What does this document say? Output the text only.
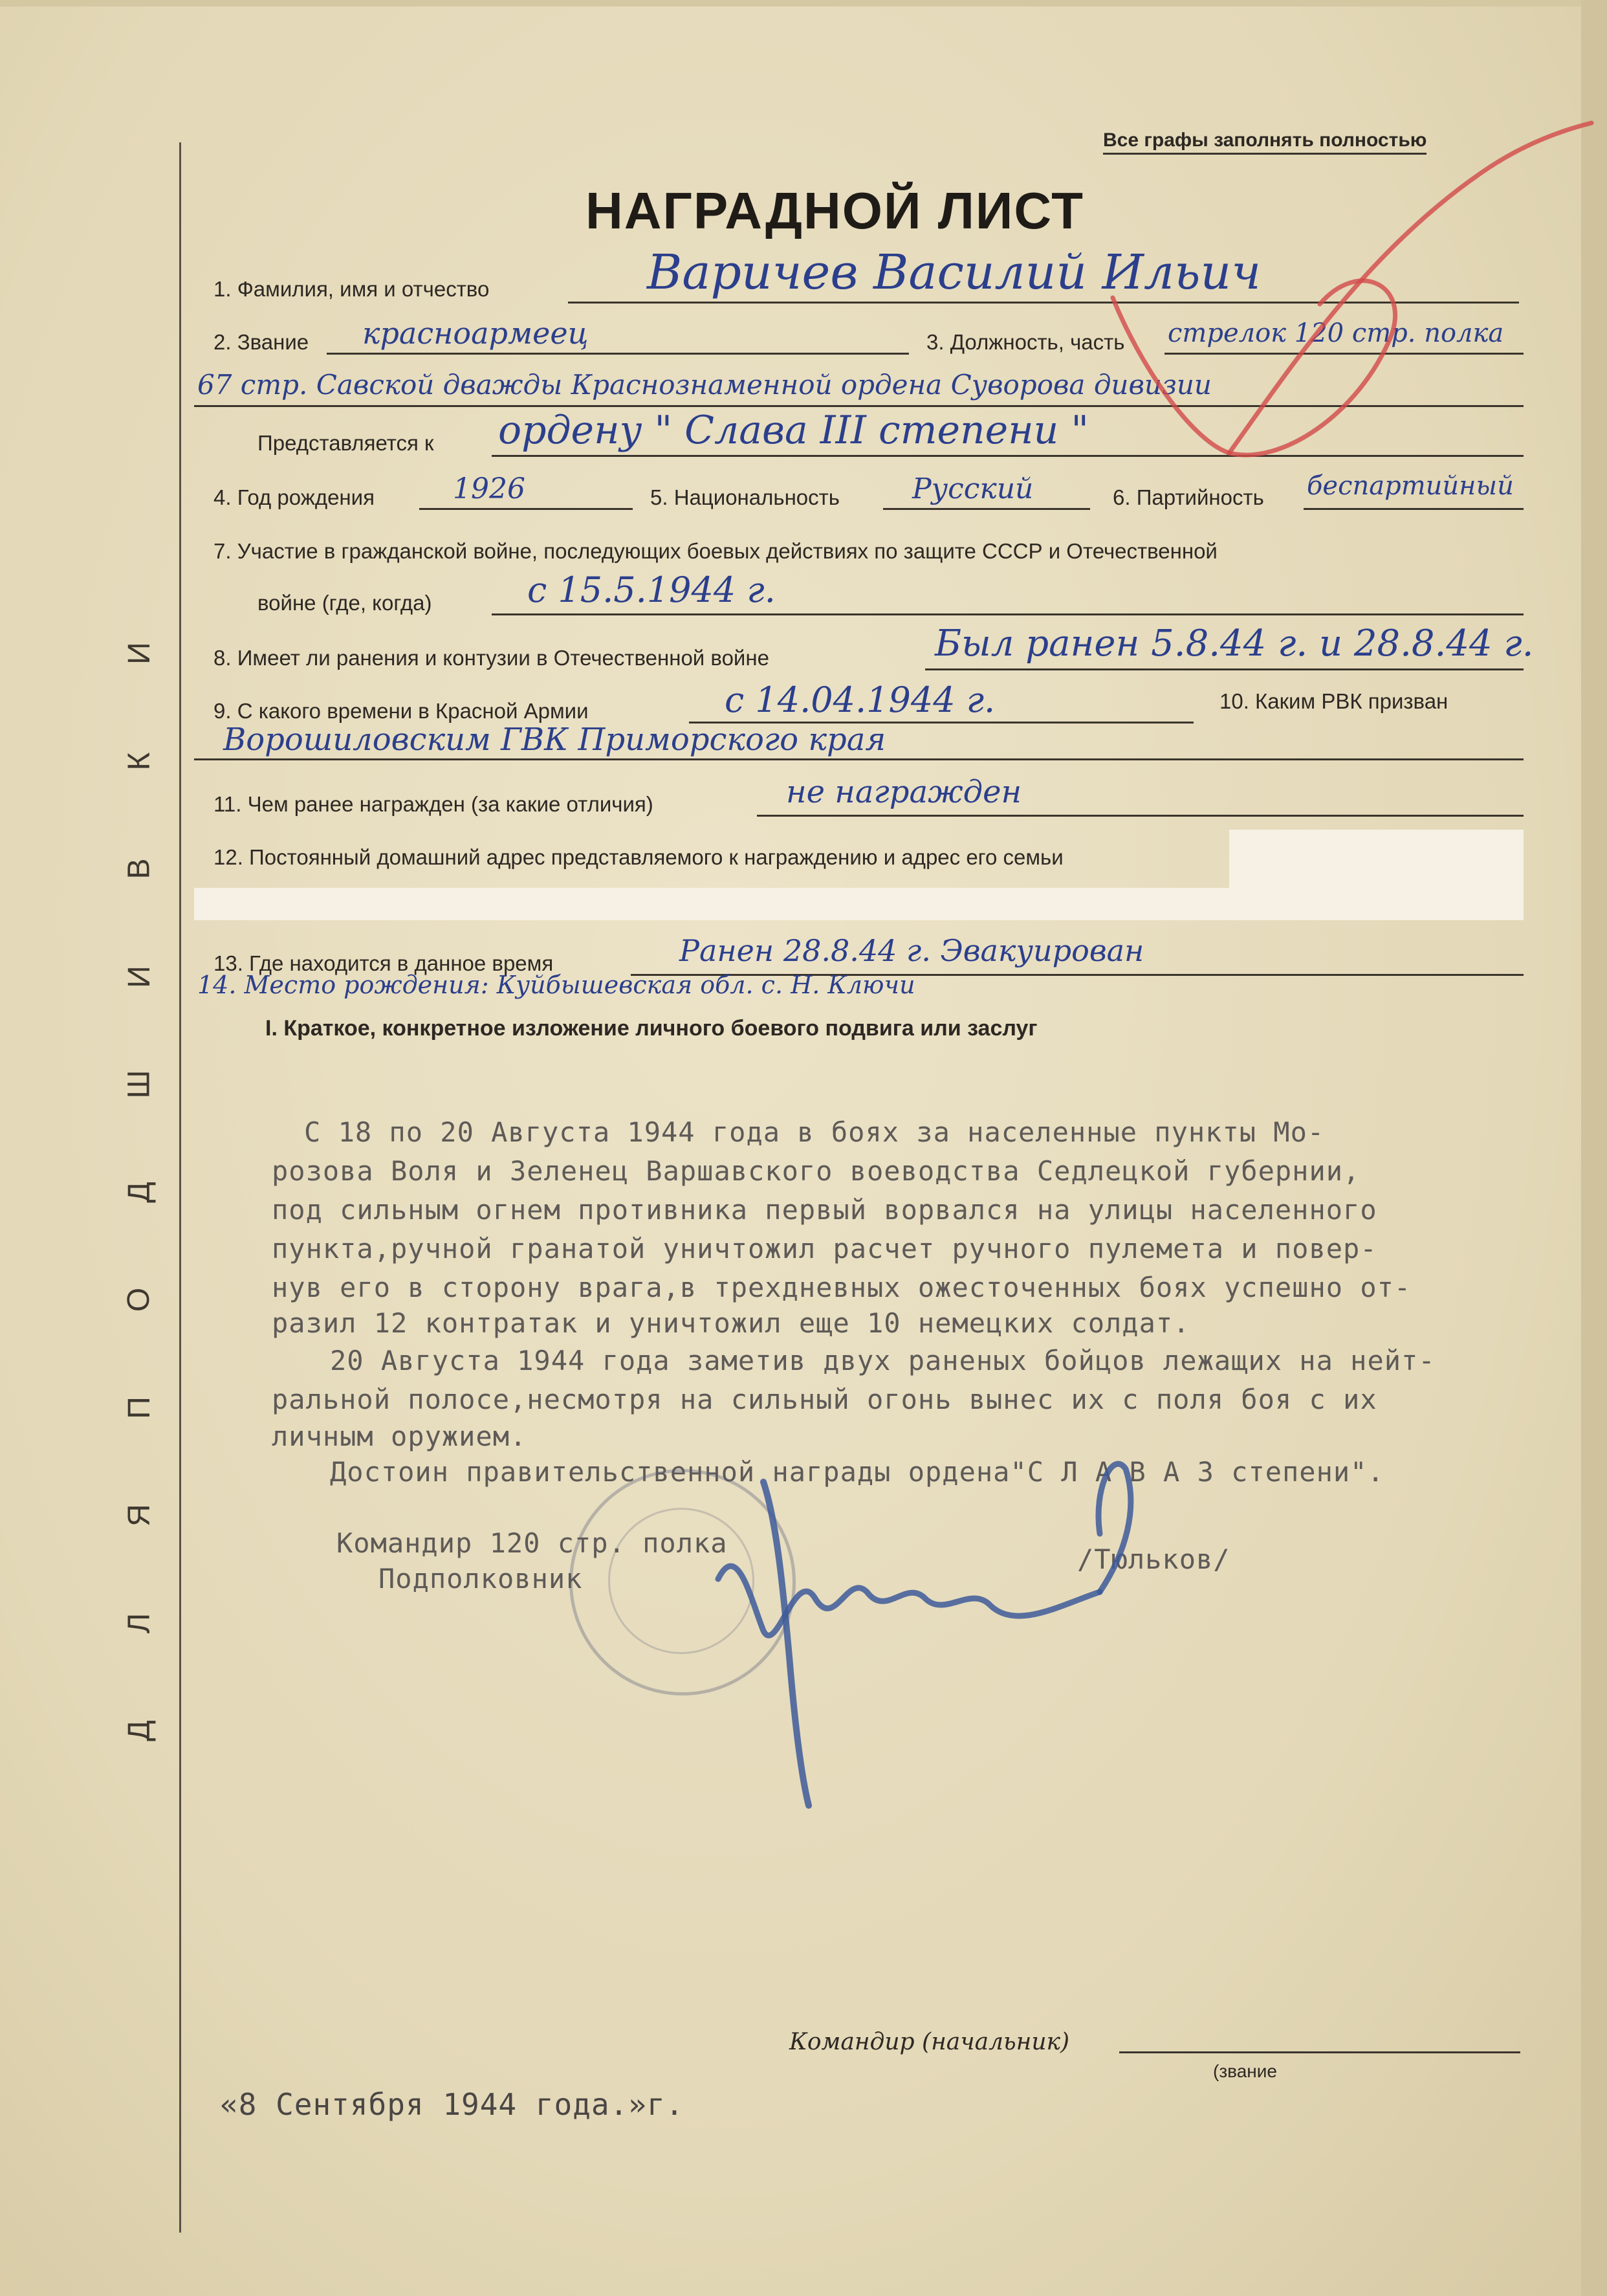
И
К
В
И
Ш
Д
О
П
Я
Л
Д
Все графы заполнять полностью
НАГРАДНОЙ ЛИСТ
1. Фамилия, имя и отчество	Варичев Василий Ильич
2. Звание красноармеец	3. Должность, часть стрелок 120 стр. полка
67 стр. Савской дважды Краснознаменной ордена Суворова дивизии
Представляется к ордену " Слава III степени "
4. Год рождения	1926	5. Национальность	Русский	6. Партийность беспартийный
7. Участие в гражданской войне, последующих боевых действиях по защите СССР и Отечественной
войне (где, когда)	с 15.5.1944 г.
8. Имеет ли ранения и контузии в Отечественной войне	Был ранен 5.8.44 г. и 28.8.44 г.
9. С какого времени в Красной Армии	с 14.04.1944 г.	10. Каким РВК призван
Ворошиловским ГВК Приморского края
11. Чем ранее награжден (за какие отличия)	не награжден
12. Постоянный домашний адрес представляемого к награждению и адрес его семьи
13. Где находится в данное время	Ранен 28.8.44 г. Эвакуирован
14. Место рождения: Куйбышевская обл. с. Н. Ключи
I. Краткое, конкретное изложение личного боевого подвига или заслуг
С 18 по 20 Августа 1944 года в боях за населенные пункты Мо-
розова Воля и Зеленец Варшавского воеводства Седлецкой губернии,
под сильным огнем противника первый ворвался на улицы населенного
пункта,ручной гранатой уничтожил расчет ручного пулемета и повер-
нув его в сторону врага,в трехдневных ожесточенных боях успешно от-
разил 12 контратак и уничтожил еще 10 немецких солдат.
20 Августа 1944 года заметив двух раненых бойцов лежащих на нейт-
ральной полосе,несмотря на сильный огонь вынес их с поля боя с их
личным оружием.
Достоин правительственной награды ордена"С Л А В А 3 степени".
Командир 120 стр. полка
Подполковник
/Тюльков/
Командир (начальник)
(звание
«8 Сентября 1944 года.»г.
